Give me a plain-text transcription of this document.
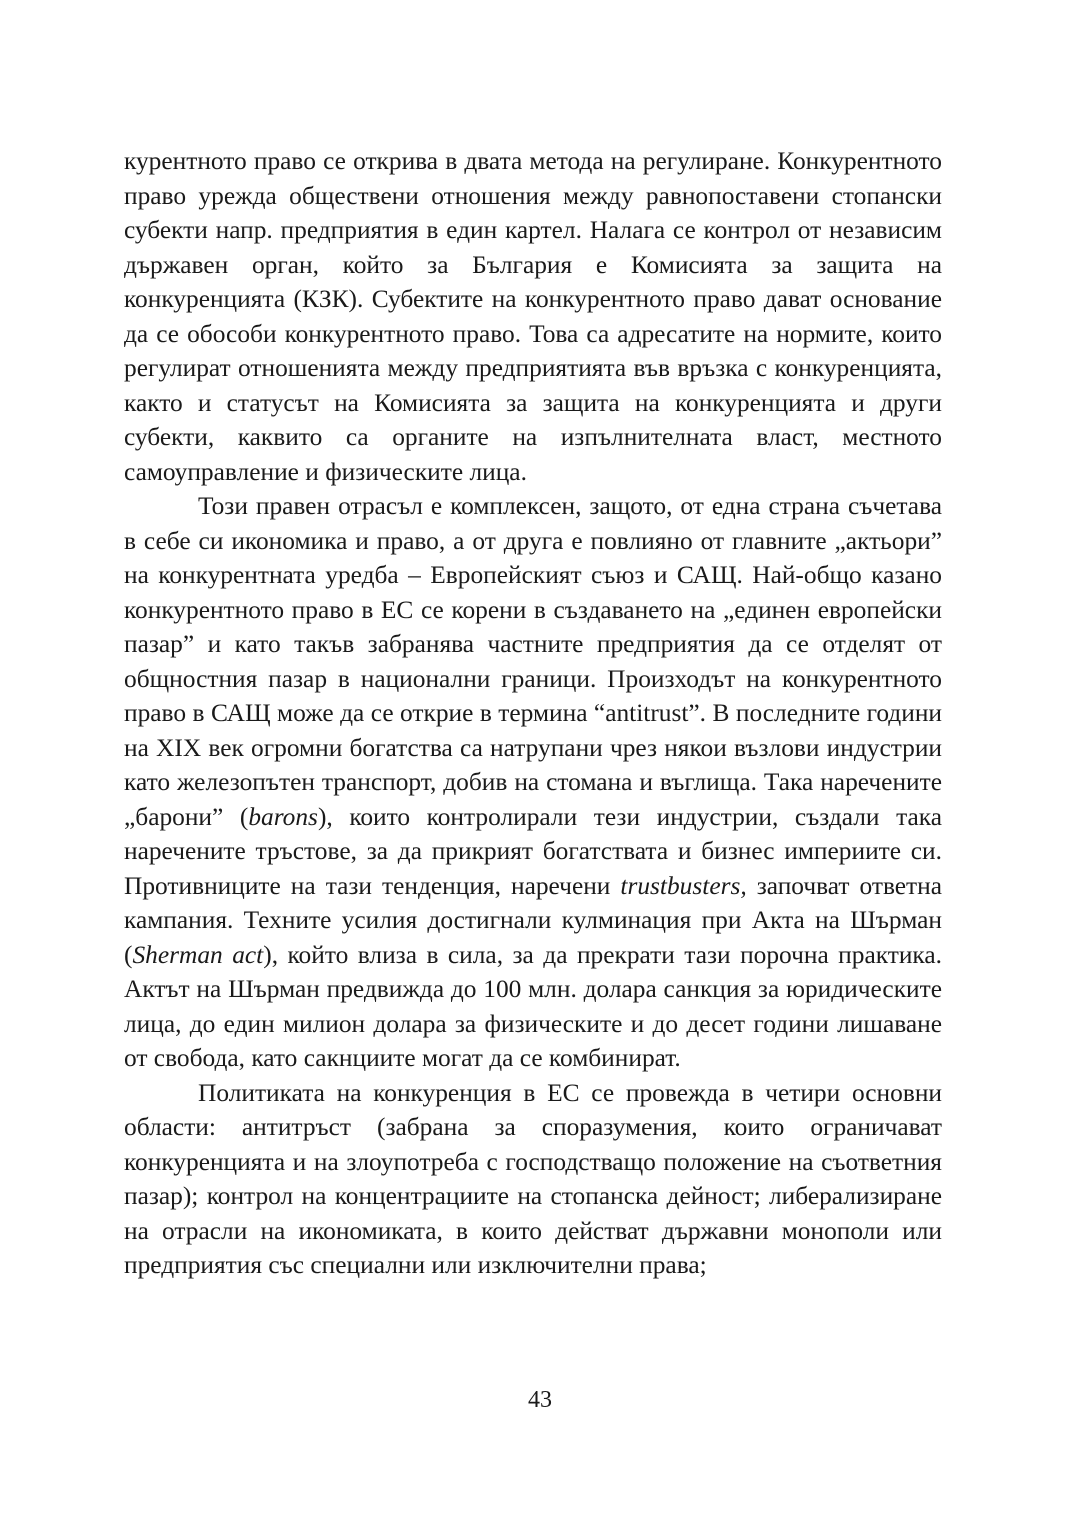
курентното право се открива в двата метода на регулиране. Конкурентното право урежда обществени отношения между равнопоставени стопански субекти напр. предприятия в един картел. Налага се контрол от независим държавен орган, който за България е Комисията за защита на конкуренцията (КЗК). Субектите на конкурентното право дават основание да се обособи конкурентното право. Това са адресатите на нормите, които регулират отношенията между предприятията във връзка с конкуренцията, както и статусът на Комисията за защита на конкуренцията и други субекти, каквито са органите на изпълнителната власт, местното самоуправление и физическите лица.

Този правен отрасъл е комплексен, защото, от една страна съчетава в себе си икономика и право, а от друга е повлияно от главните „актьори” на конкурентната уредба – Европейският съюз и САЩ. Най-общо казано конкурентното право в ЕС се корени в създаването на „единен европейски пазар” и като такъв забранява частните предприятия да се отделят от общностния пазар в национални граници. Произходът на конкурентното право в САЩ може да се открие в термина “antitrust”. В последните години на XIX век огромни богатства са натрупани чрез някои възлови индустрии като железопътен транспорт, добив на стомана и въглища. Така наречените „барони” (barons), които контролирали тези индустрии, създали така наречените тръстове, за да прикрият богатствата и бизнес империите си. Противниците на тази тенденция, наречени trustbusters, започват ответна кампания. Техните усилия достигнали кулминация при Акта на Шърман (Sherman act), който влиза в сила, за да прекрати тази порочна практика. Актът на Шърман предвижда до 100 млн. долара санкция за юридическите лица, до един милион долара за физическите и до десет години лишаване от свобода, като сакнциите могат да се комбинират.

Политиката на конкуренция в ЕС се провежда в четири основни области: антитръст (забрана за споразумения, които ограничават конкуренцията и на злоупотреба с господстващо положение на съответния пазар); контрол на концентрациите на стопанска дейност; либерализиране на отрасли на икономиката, в които действат държавни монополи или предприятия със специални или изключителни права;

43
